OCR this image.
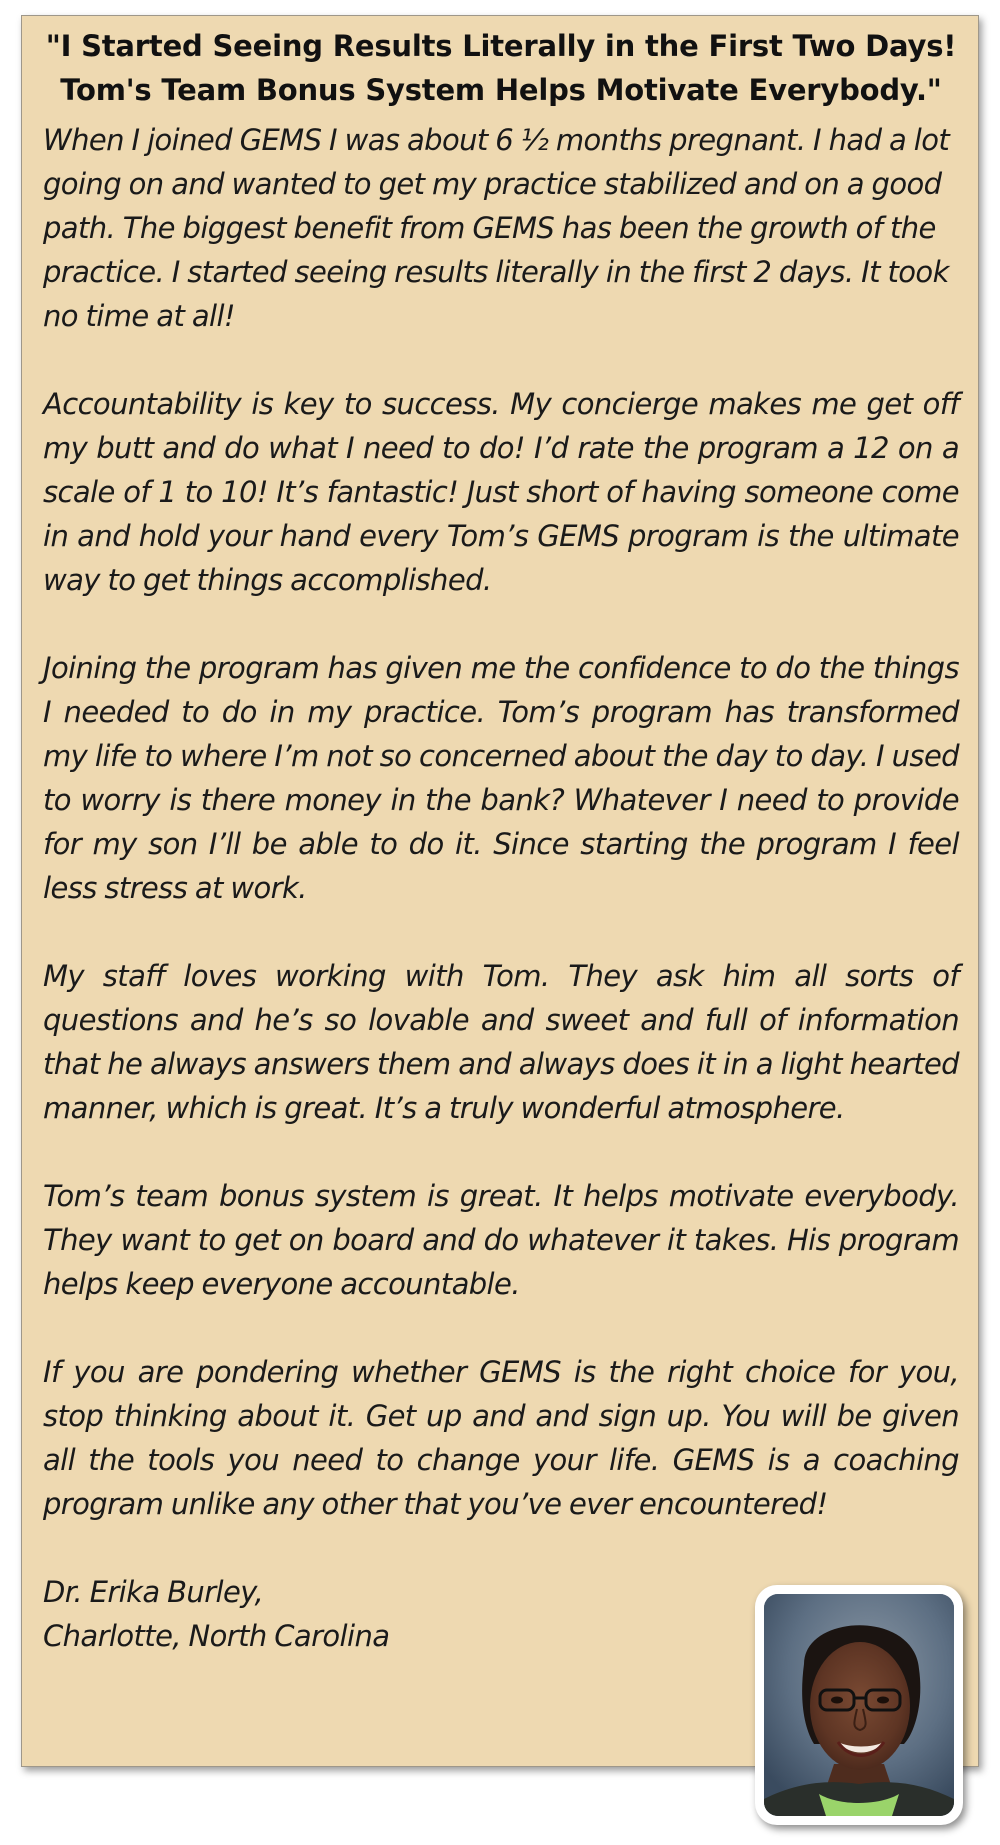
"I Started Seeing Results Literally in the First Two Days!
Tom's Team Bonus System Helps Motivate Everybody."

When I joined GEMS I was about 6 ½ months pregnant. I had a lot going on and wanted to get my practice stabilized and on a good path. The biggest benefit from GEMS has been the growth of the practice. I started seeing results literally in the first 2 days. It took no time at all!

Accountability is key to success. My concierge makes me get off my butt and do what I need to do! I’d rate the program a 12 on a scale of 1 to 10! It’s fantastic! Just short of having someone come in and hold your hand every Tom’s GEMS program is the ultimate way to get things accomplished.

Joining the program has given me the confidence to do the things I needed to do in my practice. Tom’s program has transformed my life to where I’m not so concerned about the day to day. I used to worry is there money in the bank? Whatever I need to provide for my son I’ll be able to do it. Since starting the program I feel less stress at work.

My staff loves working with Tom. They ask him all sorts of questions and he’s so lovable and sweet and full of information that he always answers them and always does it in a light hearted manner, which is great. It’s a truly wonderful atmosphere.

Tom’s team bonus system is great. It helps motivate everybody. They want to get on board and do whatever it takes. His program helps keep everyone accountable.

If you are pondering whether GEMS is the right choice for you, stop thinking about it. Get up and and sign up. You will be given all the tools you need to change your life. GEMS is a coaching program unlike any other that you’ve ever encountered!

Dr. Erika Burley,
Charlotte, North Carolina
